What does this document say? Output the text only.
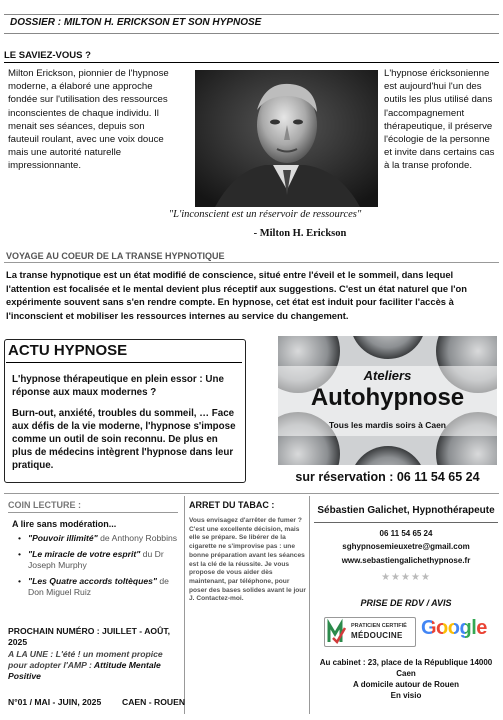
DOSSIER : MILTON H. ERICKSON ET SON HYPNOSE
LE SAVIEZ-VOUS ?
Milton Erickson, pionnier de l'hypnose moderne, a élaboré une approche fondée sur l'utilisation des ressources inconscientes de chaque individu. Il menait ses séances, depuis son fauteuil roulant, avec une voix douce mais une autorité naturelle impressionnante.
L'hypnose éricksonienne est aujourd'hui l'un des outils les plus utilisé dans l'accompagnement thérapeutique, il préserve l'écologie de la personne et invite dans certains cas à la transe profonde.
"L'inconscient est un réservoir de ressources"
- Milton H. Erickson
VOYAGE AU COEUR DE LA TRANSE HYPNOTIQUE
La transe hypnotique est un état modifié de conscience, situé entre l'éveil et le sommeil, dans lequel l'attention est focalisée et le mental devient plus réceptif aux suggestions. C'est un état naturel que l'on expérimente souvent sans s'en rendre compte. En hypnose, cet état est induit pour faciliter l'accès à l'inconscient et mobiliser les ressources internes au service du changement.
ACTU HYPNOSE
L'hypnose thérapeutique en plein essor : Une réponse aux maux modernes ?
Burn-out, anxiété, troubles du sommeil, … Face aux défis de la vie moderne, l'hypnose s'impose comme un outil de soin reconnu. De plus en plus de médecins intègrent l'hypnose dans leur pratique.
Ateliers
Autohypnose
Tous les mardis soirs à Caen
sur réservation : 06 11 54 65 24
COIN LECTURE :
A lire sans modération...
• "Pouvoir illimité" de Anthony Robbins
• "Le miracle de votre esprit" du Dr Joseph Murphy
• "Les Quatre accords toltèques" de Don Miguel Ruiz
PROCHAIN NUMÉRO : JUILLET - AOÛT, 2025
A LA UNE : L'été ! un moment propice pour adopter l'AMP : Attitude Mentale Positive
N°01 / MAI - JUIN, 2025 CAEN - ROUEN
ARRET DU TABAC :
Vous envisagez d'arrêter de fumer ? C'est une excellente décision, mais elle se prépare. Se libérer de la cigarette ne s'improvise pas : une bonne préparation avant les séances est la clé de la réussite. Je vous propose de vous aider dès maintenant, par téléphone, pour poser des bases solides avant le jour J. Contactez-moi.
Sébastien Galichet, Hypnothérapeute
06 11 54 65 24
sghypnosemieuxetre@gmail.com
www.sebastiengalichethypnose.fr
★★★★★
PRISE DE RDV / AVIS
PRATICIEN CERTIFIÉ
MÉDOUCINE Google
Au cabinet : 23, place de la République 14000 Caen
A domicile autour de Rouen
En visio
